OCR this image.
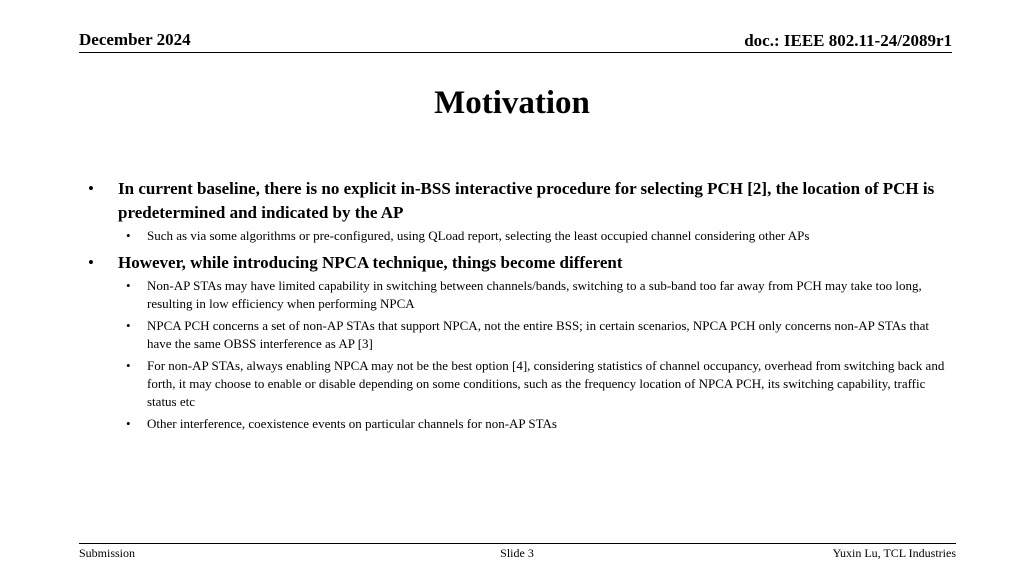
December 2024	doc.: IEEE 802.11-24/2089r1
Motivation
• In current baseline, there is no explicit in-BSS interactive procedure for selecting PCH [2], the location of PCH is predetermined and indicated by the AP
• Such as via some algorithms or pre-configured, using QLoad report, selecting the least occupied channel considering other APs
• However, while introducing NPCA technique, things become different
• Non-AP STAs may have limited capability in switching between channels/bands, switching to a sub-band too far away from PCH may take too long, resulting in low efficiency when performing NPCA
• NPCA PCH concerns a set of non-AP STAs that support NPCA, not the entire BSS; in certain scenarios, NPCA PCH only concerns non-AP STAs that have the same OBSS interference as AP [3]
• For non-AP STAs, always enabling NPCA may not be the best option [4], considering statistics of channel occupancy, overhead from switching back and forth, it may choose to enable or disable depending on some conditions, such as the frequency location of NPCA PCH, its switching capability, traffic status etc
• Other interference, coexistence events on particular channels for non-AP STAs
Submission	Slide 3	Yuxin Lu, TCL Industries
